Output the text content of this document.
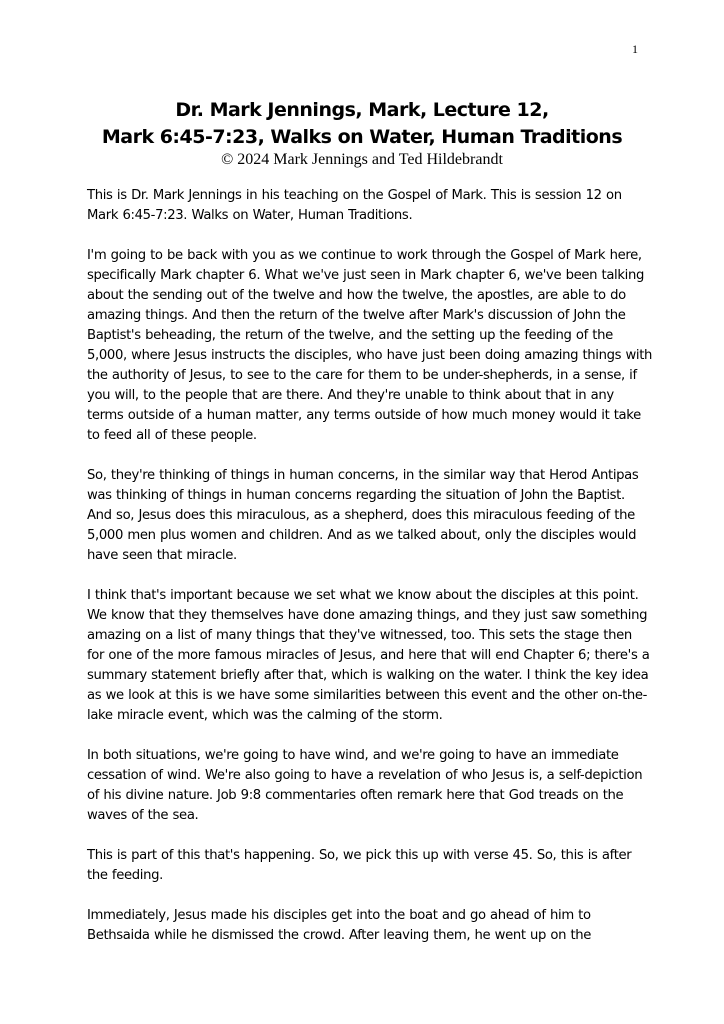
1
Dr. Mark Jennings, Mark, Lecture 12,
Mark 6:45-7:23, Walks on Water, Human Traditions
© 2024 Mark Jennings and Ted Hildebrandt

This is Dr. Mark Jennings in his teaching on the Gospel of Mark. This is session 12 on Mark 6:45-7:23. Walks on Water, Human Traditions.

I'm going to be back with you as we continue to work through the Gospel of Mark here, specifically Mark chapter 6. What we've just seen in Mark chapter 6, we've been talking about the sending out of the twelve and how the twelve, the apostles, are able to do amazing things. And then the return of the twelve after Mark's discussion of John the Baptist's beheading, the return of the twelve, and the setting up the feeding of the 5,000, where Jesus instructs the disciples, who have just been doing amazing things with the authority of Jesus, to see to the care for them to be under-shepherds, in a sense, if you will, to the people that are there. And they're unable to think about that in any terms outside of a human matter, any terms outside of how much money would it take to feed all of these people.

So, they're thinking of things in human concerns, in the similar way that Herod Antipas was thinking of things in human concerns regarding the situation of John the Baptist. And so, Jesus does this miraculous, as a shepherd, does this miraculous feeding of the 5,000 men plus women and children. And as we talked about, only the disciples would have seen that miracle.

I think that's important because we set what we know about the disciples at this point. We know that they themselves have done amazing things, and they just saw something amazing on a list of many things that they've witnessed, too. This sets the stage then for one of the more famous miracles of Jesus, and here that will end Chapter 6; there's a summary statement briefly after that, which is walking on the water. I think the key idea as we look at this is we have some similarities between this event and the other on-the-lake miracle event, which was the calming of the storm.

In both situations, we're going to have wind, and we're going to have an immediate cessation of wind. We're also going to have a revelation of who Jesus is, a self-depiction of his divine nature. Job 9:8 commentaries often remark here that God treads on the waves of the sea.

This is part of this that's happening. So, we pick this up with verse 45. So, this is after the feeding.

Immediately, Jesus made his disciples get into the boat and go ahead of him to Bethsaida while he dismissed the crowd. After leaving them, he went up on the
